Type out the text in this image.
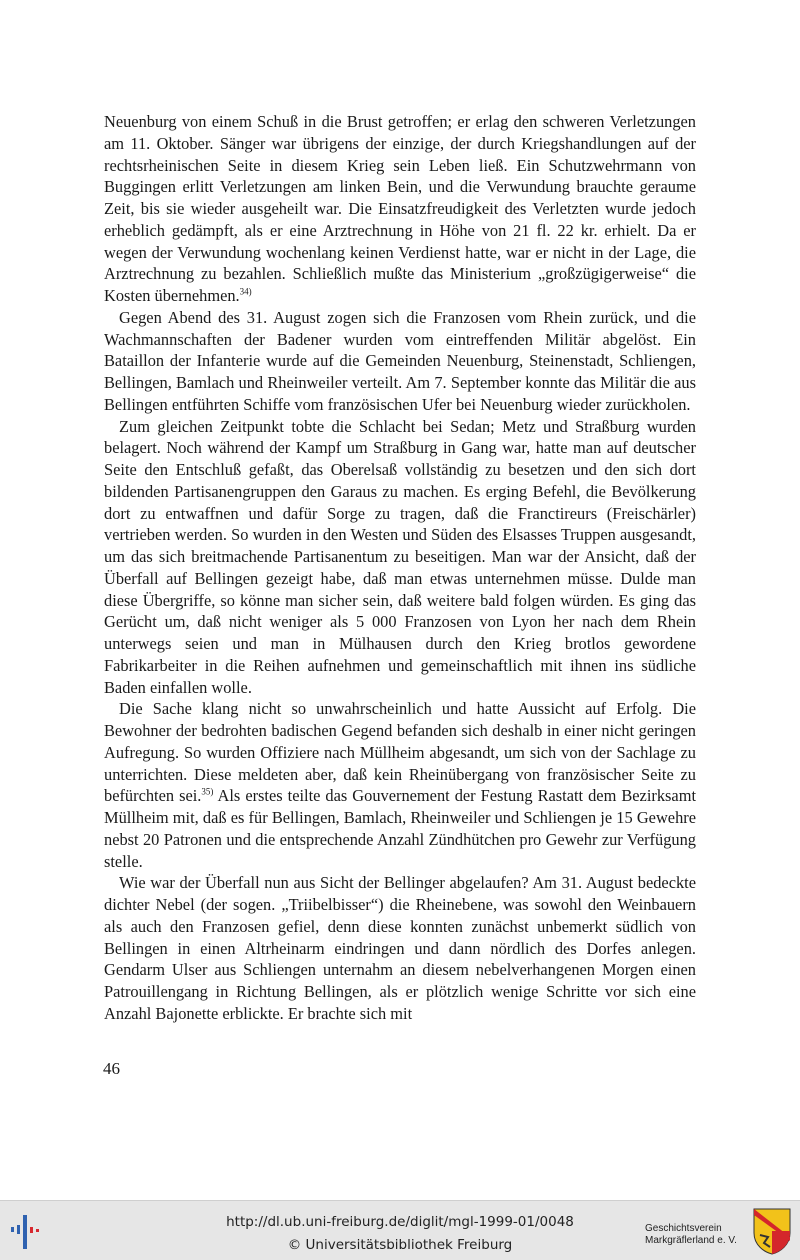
Neuenburg von einem Schuß in die Brust getroffen; er erlag den schweren Verletzungen am 11. Oktober. Sänger war übrigens der einzige, der durch Kriegshandlungen auf der rechtsrheinischen Seite in diesem Krieg sein Leben ließ. Ein Schutzwehrmann von Buggingen erlitt Verletzungen am linken Bein, und die Verwundung brauchte geraume Zeit, bis sie wieder ausgeheilt war. Die Einsatzfreudigkeit des Verletzten wurde jedoch erheblich gedämpft, als er eine Arztrechnung in Höhe von 21 fl. 22 kr. erhielt. Da er wegen der Verwundung wochenlang keinen Verdienst hatte, war er nicht in der Lage, die Arztrechnung zu bezahlen. Schließlich mußte das Ministerium „großzügigerweise“ die Kosten übernehmen.$^{34)}$

Gegen Abend des 31. August zogen sich die Franzosen vom Rhein zurück, und die Wachmannschaften der Badener wurden vom eintreffenden Militär abgelöst. Ein Bataillon der Infanterie wurde auf die Gemeinden Neuenburg, Steinenstadt, Schliengen, Bellingen, Bamlach und Rheinweiler verteilt. Am 7. September konnte das Militär die aus Bellingen entführten Schiffe vom französischen Ufer bei Neuenburg wieder zurückholen.

Zum gleichen Zeitpunkt tobte die Schlacht bei Sedan; Metz und Straßburg wurden belagert. Noch während der Kampf um Straßburg in Gang war, hatte man auf deutscher Seite den Entschluß gefaßt, das Oberelsaß vollständig zu besetzen und den sich dort bildenden Partisanengruppen den Garaus zu machen. Es erging Befehl, die Bevölkerung dort zu entwaffnen und dafür Sorge zu tragen, daß die Franctireurs (Freischärler) vertrieben werden. So wurden in den Westen und Süden des Elsasses Truppen ausgesandt, um das sich breitmachende Partisanentum zu beseitigen. Man war der Ansicht, daß der Überfall auf Bellingen gezeigt habe, daß man etwas unternehmen müsse. Dulde man diese Übergriffe, so könne man sicher sein, daß weitere bald folgen würden. Es ging das Gerücht um, daß nicht weniger als 5 000 Franzosen von Lyon her nach dem Rhein unterwegs seien und man in Mülhausen durch den Krieg brotlos gewordene Fabrikarbeiter in die Reihen aufnehmen und gemeinschaftlich mit ihnen ins südliche Baden einfallen wolle.

Die Sache klang nicht so unwahrscheinlich und hatte Aussicht auf Erfolg. Die Bewohner der bedrohten badischen Gegend befanden sich deshalb in einer nicht geringen Aufregung. So wurden Offiziere nach Müllheim abgesandt, um sich von der Sachlage zu unterrichten. Diese meldeten aber, daß kein Rheinübergang von französischer Seite zu befürchten sei.$^{35)}$ Als erstes teilte das Gouvernement der Festung Rastatt dem Bezirksamt Müllheim mit, daß es für Bellingen, Bamlach, Rheinweiler und Schliengen je 15 Gewehre nebst 20 Patronen und die entsprechende Anzahl Zündhütchen pro Gewehr zur Verfügung stelle.

Wie war der Überfall nun aus Sicht der Bellinger abgelaufen? Am 31. August bedeckte dichter Nebel (der sogen. „Triibelbisser“) die Rheinebene, was sowohl den Weinbauern als auch den Franzosen gefiel, denn diese konnten zunächst unbemerkt südlich von Bellingen in einen Altrheinarm eindringen und dann nördlich des Dorfes anlegen. Gendarm Ulser aus Schliengen unternahm an diesem nebelverhangenen Morgen einen Patrouillengang in Richtung Bellingen, als er plötzlich wenige Schritte vor sich eine Anzahl Bajonette erblickte. Er brachte sich mit

46
http://dl.ub.uni-freiburg.de/diglit/mgl-1999-01/0048
© Universitätsbibliothek Freiburg
Geschichtsverein
Markgräflerland e. V.
